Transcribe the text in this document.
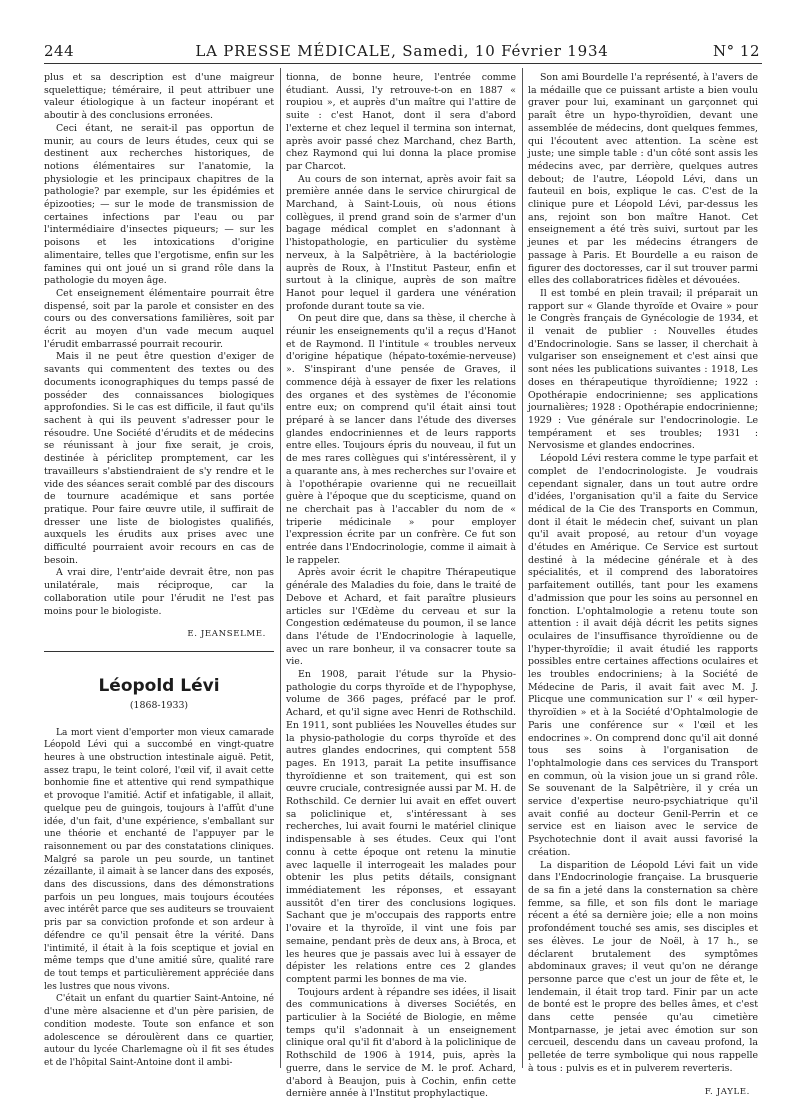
244	LA PRESSE MÉDICALE, Samedi, 10 Février 1934	N° 12

plus et sa description est d'une maigreur squelettique; téméraire, il peut attribuer une valeur étiologique à un facteur inopérant et aboutir à des conclusions erronées.

Ceci étant, ne serait-il pas opportun de munir, au cours de leurs études, ceux qui se destinent aux recherches historiques, de notions élémentaires sur l'anatomie, la physiologie et les principaux chapitres de la pathologie? par exemple, sur les épidémies et épizooties; — sur le mode de transmission de certaines infections par l'eau ou par l'intermédiaire d'insectes piqueurs; — sur les poisons et les intoxications d'origine alimentaire, telles que l'ergotisme, enfin sur les famines qui ont joué un si grand rôle dans la pathologie du moyen âge.

Cet enseignement élémentaire pourrait être dispensé, soit par la parole et consister en des cours ou des conversations familières, soit par écrit au moyen d'un vade mecum auquel l'érudit embarrassé pourrait recourir.

Mais il ne peut être question d'exiger de savants qui commentent des textes ou des documents iconographiques du temps passé de posséder des connaissances biologiques approfondies. Si le cas est difficile, il faut qu'ils sachent à qui ils peuvent s'adresser pour le résoudre. Une Société d'érudits et de médecins se réunissant à jour fixe serait, je crois, destinée à périclitер promptement, car les travailleurs s'abstiendraient de s'y rendre et le vide des séances serait comblé par des discours de tournure académique et sans portée pratique. Pour faire œuvre utile, il suffirait de dresser une liste de biologistes qualifiés, auxquels les érudits aux prises avec une difficulté pourraient avoir recours en cas de besoin.

A vrai dire, l'entr'aide devrait être, non pas unilatérale, mais réciproque, car la collaboration utile pour l'érudit ne l'est pas moins pour le biologiste.

E. JEANSELME.
Léopold Lévi
(1868-1933)

La mort vient d'emporter mon vieux camarade Léopold Lévi qui a succombé en vingt-quatre heures à une obstruction intestinale aiguë. Petit, assez trapu, le teint coloré, l'œil vif, il avait cette bonhomie fine et attentive qui rend sympathique et provoque l'amitié. Actif et infatigable, il allait, quelque peu de guingois, toujours à l'affût d'une idée, d'un fait, d'une expérience, s'emballant sur une théorie et enchanté de l'appuyer par le raisonnement ou par des constatations cliniques. Malgré sa parole un peu sourde, un tantinet zézaillante, il aimait à se lancer dans des exposés, dans des discussions, dans des démonstrations parfois un peu longues, mais toujours écoutées avec intérêt parce que ses auditeurs se trouvaient pris par sa conviction profonde et son ardeur à défendre ce qu'il pensait être la vérité. Dans l'intimité, il était à la fois sceptique et jovial en même temps que d'une amitié sûre, qualité rare de tout temps et particulièrement appréciée dans les lustres que nous vivons.

C'était un enfant du quartier Saint-Antoine, né d'une mère alsacienne et d'un père parisien, de condition modeste. Toute son enfance et son adolescence se déroulèrent dans ce quartier, autour du lycée Charlemagne où il fit ses études et de l'hôpital Saint-Antoine dont il ambi-

tionna, de bonne heure, l'entrée comme étudiant. Aussi, l'y retrouve-t-on en 1887 « roupiou », et auprès d'un maître qui l'attire de suite : c'est Hanot, dont il sera d'abord l'externe et chez lequel il termina son internat, après avoir passé chez Marchand, chez Barth, chez Raymond qui lui donna la place promise par Charcot.

Au cours de son internat, après avoir fait sa première année dans le service chirurgical de Marchand, à Saint-Louis, où nous étions collègues, il prend grand soin de s'armer d'un bagage médical complet en s'adonnant à l'histopathologie, en particulier du système nerveux, à la Salpêtrière, à la bactériologie auprès de Roux, à l'Institut Pasteur, enfin et surtout à la clinique, auprès de son maître Hanot pour lequel il gardera une vénération profonde durant toute sa vie.

On peut dire que, dans sa thèse, il cherche à réunir les enseignements qu'il a reçus d'Hanot et de Raymond. Il l'intitule « troubles nerveux d'origine hépatique (hépato-toxémie-nerveuse) ». S'inspirant d'une pensée de Graves, il commence déjà à essayer de fixer les relations des organes et des systèmes de l'économie entre eux; on comprend qu'il était ainsi tout préparé à se lancer dans l'étude des diverses glandes endocriniennes et de leurs rapports entre elles. Toujours épris du nouveau, il fut un de mes rares collègues qui s'intéressèrent, il y a quarante ans, à mes recherches sur l'ovaire et à l'opothérapie ovarienne qui ne recueillait guère à l'époque que du scepticisme, quand on ne cherchait pas à l'accabler du nom de « triperie médicinale » pour employer l'expression écrite par un confrère. Ce fut son entrée dans l'Endocrinologie, comme il aimait à le rappeler.

Après avoir écrit le chapitre Thérapeutique générale des Maladies du foie, dans le traité de Debove et Achard, et fait paraître plusieurs articles sur l'Œdème du cerveau et sur la Congestion œdémateuse du poumon, il se lance dans l'étude de l'Endocrinologie à laquelle, avec un rare bonheur, il va consacrer toute sa vie.

En 1908, parait l'étude sur la Physio-pathologie du corps thyroïde et de l'hypophyse, volume de 366 pages, préfacé par le prof. Achard, et qu'il signe avec Henri de Rothschild. En 1911, sont publiées les Nouvelles études sur la physio-pathologie du corps thyroïde et des autres glandes endocrines, qui comptent 558 pages. En 1913, parait La petite insuffisance thyroïdienne et son traitement, qui est son œuvre cruciale, contresignée aussi par M. H. de Rothschild. Ce dernier lui avait en effet ouvert sa policlinique et, s'intéressant à ses recherches, lui avait fourni le matériel clinique indispensable à ses études. Ceux qui l'ont connu à cette époque ont retenu la minutie avec laquelle il interrogeait les malades pour obtenir les plus petits détails, consignant immédiatement les réponses, et essayant aussitôt d'en tirer des conclusions logiques. Sachant que je m'occupais des rapports entre l'ovaire et la thyroïde, il vint une fois par semaine, pendant près de deux ans, à Broca, et les heures que je passais avec lui à essayer de dépister les relations entre ces 2 glandes comptent parmi les bonnes de ma vie.

Toujours ardent à répandre ses idées, il lisait des communications à diverses Sociétés, en particulier à la Société de Biologie, en même temps qu'il s'adonnait à un enseignement clinique oral qu'il fit d'abord à la policlinique de Rothschild de 1906 à 1914, puis, après la guerre, dans le service de M. le prof. Achard, d'abord à Beaujon, puis à Cochin, enfin cette dernière année à l'Institut prophylactique.

Son ami Bourdelle l'a représenté, à l'avers de la médaille que ce puissant artiste a bien voulu graver pour lui, examinant un garçonnet qui paraît être un hypo-thyroïdien, devant une assemblée de médecins, dont quelques femmes, qui l'écoutent avec attention. La scène est juste; une simple table : d'un côté sont assis les médecins avec, par derrière, quelques autres debout; de l'autre, Léopold Lévi, dans un fauteuil en bois, explique le cas. C'est de la clinique pure et Léopold Lévi, par-dessus les ans, rejoint son bon maître Hanot. Cet enseignement a été très suivi, surtout par les jeunes et par les médecins étrangers de passage à Paris. Et Bourdelle a eu raison de figurer des doctoresses, car il sut trouver parmi elles des collaboratrices fidèles et dévouées.

Il est tombé en plein travail; il préparait un rapport sur « Glande thyroïde et Ovaire » pour le Congrès français de Gynécologie de 1934, et il venait de publier : Nouvelles études d'Endocrinologie. Sans se lasser, il cherchait à vulgariser son enseignement et c'est ainsi que sont nées les publications suivantes : 1918, Les doses en thérapeutique thyroïdienne; 1922 : Opothérapie endocrinienne; ses applications journalières; 1928 : Opothérapie endocrinienne; 1929 : Vue générale sur l'endocrinologie. Le tempérament et ses troubles; 1931 : Nervosisme et glandes endocrines.

Léopold Lévi restera comme le type parfait et complet de l'endocrinologiste. Je voudrais cependant signaler, dans un tout autre ordre d'idées, l'organisation qu'il a faite du Service médical de la Cie des Transports en Commun, dont il était le médecin chef, suivant un plan qu'il avait proposé, au retour d'un voyage d'études en Amérique. Ce Service est surtout destiné à la médecine générale et à des spécialités, et il comprend des laboratoires parfaitement outillés, tant pour les examens d'admission que pour les soins au personnel en fonction. L'ophtalmologie a retenu toute son attention : il avait déjà décrit les petits signes oculaires de l'insuffisance thyroïdienne ou de l'hyper-thyroïdie; il avait étudié les rapports possibles entre certaines affections oculaires et les troubles endocriniens; à la Société de Médecine de Paris, il avait fait avec M. J. Plicque une communication sur l' « œil hyper-thyroïdien » et à la Société d'Ophtalmologie de Paris une conférence sur « l'œil et les endocrines ». On comprend donc qu'il ait donné tous ses soins à l'organisation de l'ophtalmologie dans ces services du Transport en commun, où la vision joue un si grand rôle. Se souvenant de la Salpêtrière, il y créa un service d'expertise neuro-psychiatrique qu'il avait confié au docteur Genil-Perrin et ce service est en liaison avec le service de Psychotechnie dont il avait aussi favorisé la création.

La disparition de Léopold Lévi fait un vide dans l'Endocrinologie française. La brusquerie de sa fin a jeté dans la consternation sa chère femme, sa fille, et son fils dont le mariage récent a été sa dernière joie; elle a non moins profondément touché ses amis, ses disciples et ses élèves. Le jour de Noël, à 17 h., se déclarent brutalement des symptômes abdominaux graves; il veut qu'on ne dérange personne parce que c'est un jour de fête et, le lendemain, il était trop tard. Finir par un acte de bonté est le propre des belles âmes, et c'est dans cette pensée qu'au cimetière Montparnasse, je jetai avec émotion sur son cercueil, descendu dans un caveau profond, la pelletée de terre symbolique qui nous rappelle à tous : pulvis es et in pulverem reverteris.

F. JAYLE.
